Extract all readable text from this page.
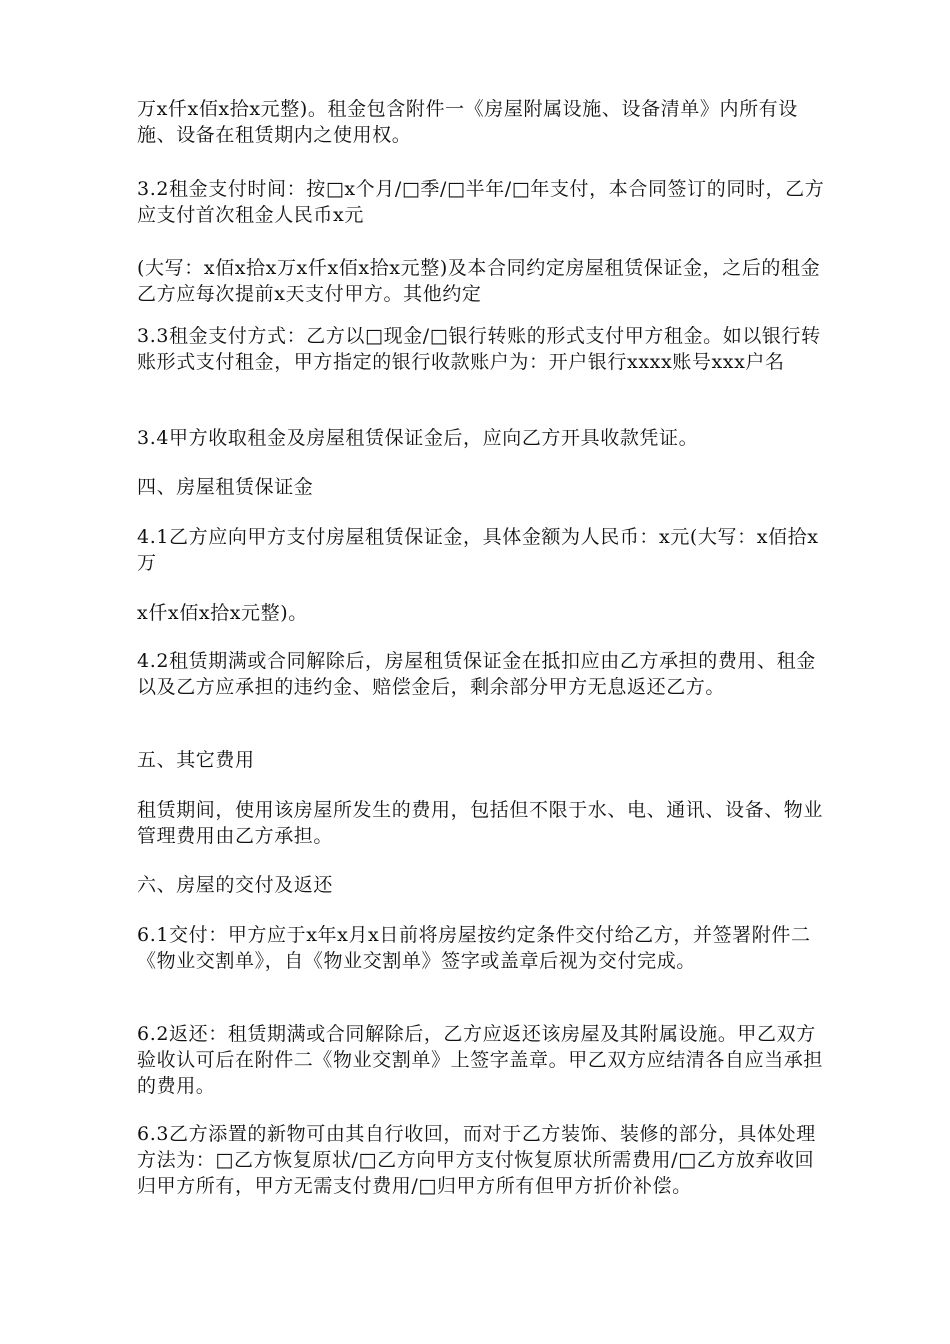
万x仟x佰x拾x元整)。租金包含附件一《房屋附属设施、设备清单》内所有设施、设备在租赁期内之使用权。

3.2租金支付时间：按□x个月/□季/□半年/□年支付，本合同签订的同时，乙方应支付首次租金人民币x元

(大写：x佰x拾x万x仟x佰x拾x元整)及本合同约定房屋租赁保证金，之后的租金乙方应每次提前x天支付甲方。其他约定

3.3租金支付方式：乙方以□现金/□银行转账的形式支付甲方租金。如以银行转账形式支付租金，甲方指定的银行收款账户为：开户银行xxxx账号xxx户名

3.4甲方收取租金及房屋租赁保证金后，应向乙方开具收款凭证。

四、房屋租赁保证金

4.1乙方应向甲方支付房屋租赁保证金，具体金额为人民币：x元(大写：x佰拾x万

x仟x佰x拾x元整)。

4.2租赁期满或合同解除后，房屋租赁保证金在抵扣应由乙方承担的费用、租金以及乙方应承担的违约金、赔偿金后，剩余部分甲方无息返还乙方。

五、其它费用

租赁期间，使用该房屋所发生的费用，包括但不限于水、电、通讯、设备、物业管理费用由乙方承担。

六、房屋的交付及返还

6.1交付：甲方应于x年x月x日前将房屋按约定条件交付给乙方，并签署附件二《物业交割单》，自《物业交割单》签字或盖章后视为交付完成。

6.2返还：租赁期满或合同解除后，乙方应返还该房屋及其附属设施。甲乙双方验收认可后在附件二《物业交割单》上签字盖章。甲乙双方应结清各自应当承担的费用。

6.3乙方添置的新物可由其自行收回，而对于乙方装饰、装修的部分，具体处理方法为：□乙方恢复原状/□乙方向甲方支付恢复原状所需费用/□乙方放弃收回归甲方所有，甲方无需支付费用/□归甲方所有但甲方折价补偿。
